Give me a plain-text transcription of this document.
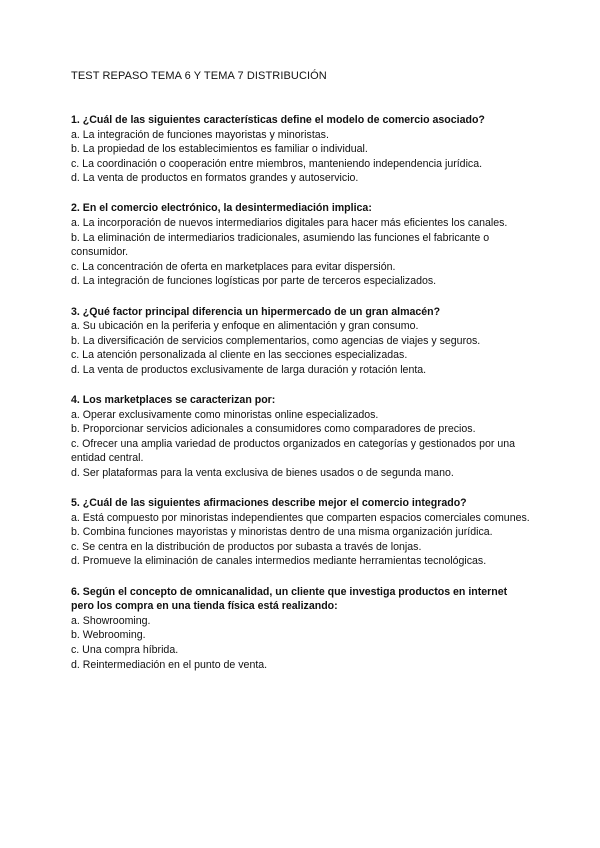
TEST REPASO TEMA 6 Y TEMA 7 DISTRIBUCIÓN

1. ¿Cuál de las siguientes características define el modelo de comercio asociado?

a. La integración de funciones mayoristas y minoristas.
b. La propiedad de los establecimientos es familiar o individual.
c. La coordinación o cooperación entre miembros, manteniendo independencia jurídica.
d. La venta de productos en formatos grandes y autoservicio.

2. En el comercio electrónico, la desintermediación implica:

a. La incorporación de nuevos intermediarios digitales para hacer más eficientes los canales.
b. La eliminación de intermediarios tradicionales, asumiendo las funciones el fabricante o consumidor.
c. La concentración de oferta en marketplaces para evitar dispersión.
d. La integración de funciones logísticas por parte de terceros especializados.

3. ¿Qué factor principal diferencia un hipermercado de un gran almacén?

a. Su ubicación en la periferia y enfoque en alimentación y gran consumo.
b. La diversificación de servicios complementarios, como agencias de viajes y seguros.
c. La atención personalizada al cliente en las secciones especializadas.
d. La venta de productos exclusivamente de larga duración y rotación lenta.

4. Los marketplaces se caracterizan por:

a. Operar exclusivamente como minoristas online especializados.
b. Proporcionar servicios adicionales a consumidores como comparadores de precios.
c. Ofrecer una amplia variedad de productos organizados en categorías y gestionados por una entidad central.
d. Ser plataformas para la venta exclusiva de bienes usados o de segunda mano.

5. ¿Cuál de las siguientes afirmaciones describe mejor el comercio integrado?

a. Está compuesto por minoristas independientes que comparten espacios comerciales comunes.
b. Combina funciones mayoristas y minoristas dentro de una misma organización jurídica.
c. Se centra en la distribución de productos por subasta a través de lonjas.
d. Promueve la eliminación de canales intermedios mediante herramientas tecnológicas.

6. Según el concepto de omnicanalidad, un cliente que investiga productos en internet pero los compra en una tienda física está realizando:

a. Showrooming.
b. Webrooming.
c. Una compra híbrida.
d. Reintermediación en el punto de venta.
